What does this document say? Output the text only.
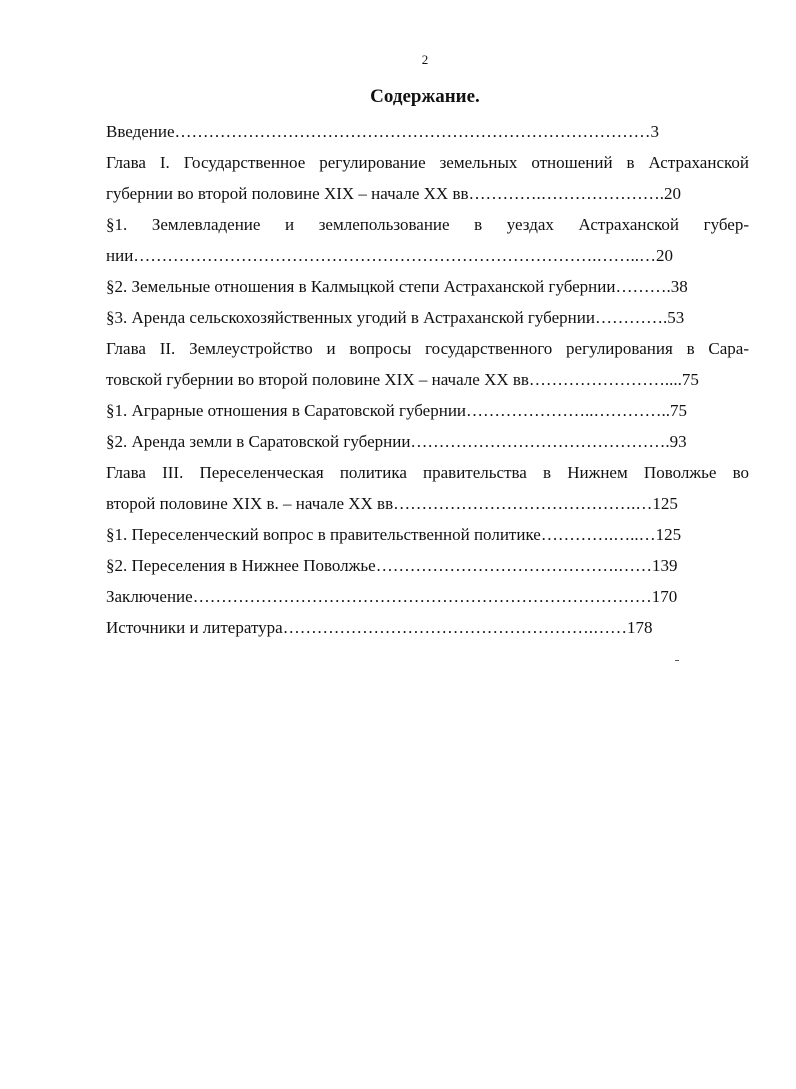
2
Содержание.
Введение…………………………………………………………………………3
Глава I. Государственное регулирование земельных отношений в Астраханской
губернии во второй половине XIX – начале XX вв………….………………….20
§1. Землевладение и землепользование в уездах Астраханской губер-
нии……………………………………………………………………….……..…20
§2. Земельные отношения в Калмыцкой степи Астраханской губернии……….38
§3. Аренда сельскохозяйственных угодий в Астраханской губернии………….53
Глава II. Землеустройство и вопросы государственного регулирования в Сара-
товской губернии во второй половине XIX – начале XX вв……………………....75
§1. Аграрные отношения в Саратовской губернии…………………..…………..75
§2. Аренда земли в Саратовской губернии……………………………………….93
Глава III. Переселенческая политика правительства в Нижнем Поволжье во
второй половине XIX в. – начале XX вв…………………………………….…125
§1. Переселенческий вопрос в правительственной политике………….…..…125
§2. Переселения в Нижнее Поволжье…………………………………….……139
Заключение………………………………………………………………………170
Источники и литература……………………………………………….……178
